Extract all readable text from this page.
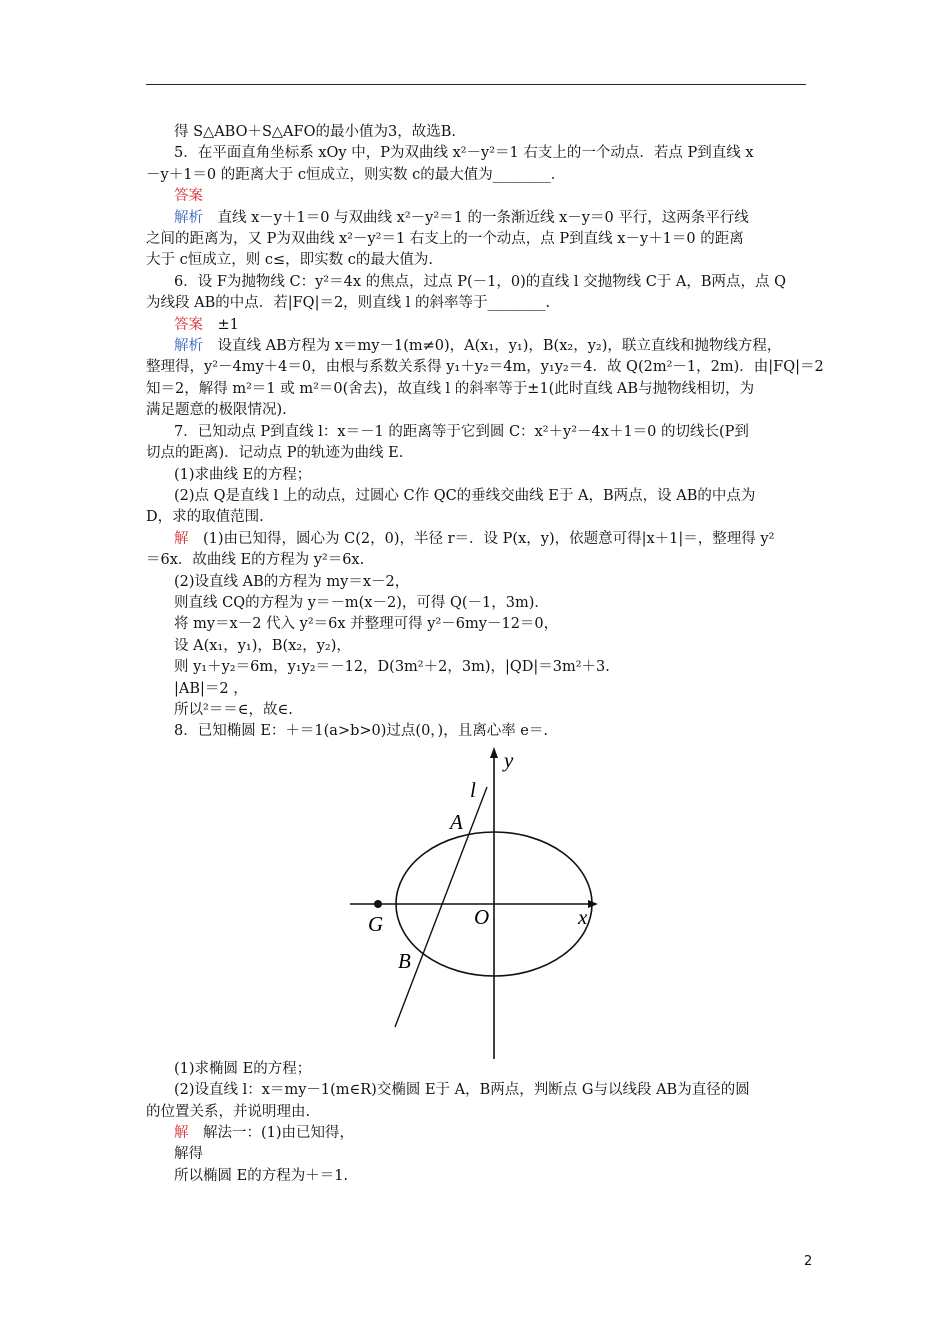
得 S△ABO＋S△AFO的最小值为3，故选B.
5．在平面直角坐标系 xOy 中，P为双曲线 x²－y²＝1 右支上的一个动点．若点 P到直线 x
－y＋1＝0 的距离大于 c恒成立，则实数 c的最大值为________．
答案
解析　直线 x－y＋1＝0 与双曲线 x²－y²＝1 的一条渐近线 x－y＝0 平行，这两条平行线
之间的距离为，又 P为双曲线 x²－y²＝1 右支上的一个动点，点 P到直线 x－y＋1＝0 的距离
大于 c恒成立，则 c≤，即实数 c的最大值为.
6．设 F为抛物线 C：y²＝4x 的焦点，过点 P(－1，0)的直线 l 交抛物线 C于 A，B两点，点 Q
为线段 AB的中点．若|FQ|＝2，则直线 l 的斜率等于________.
答案　±1
解析　设直线 AB方程为 x＝my－1(m≠0)，A(x₁，y₁)，B(x₂，y₂)，联立直线和抛物线方程，
整理得，y²－4my＋4＝0，由根与系数关系得 y₁＋y₂＝4m，y₁y₂＝4．故 Q(2m²－1，2m)．由|FQ|＝2
知＝2，解得 m²＝1 或 m²＝0(舍去)，故直线 l 的斜率等于±1(此时直线 AB与抛物线相切，为
满足题意的极限情况).
7．已知动点 P到直线 l：x＝－1 的距离等于它到圆 C：x²＋y²－4x＋1＝0 的切线长(P到
切点的距离)．记动点 P的轨迹为曲线 E.
(1)求曲线 E的方程；
(2)点 Q是直线 l 上的动点，过圆心 C作 QC的垂线交曲线 E于 A，B两点，设 AB的中点为
D，求的取值范围.
解　(1)由已知得，圆心为 C(2，0)，半径 r＝．设 P(x，y)，依题意可得|x＋1|＝，整理得 y²
＝6x．故曲线 E的方程为 y²＝6x.
(2)设直线 AB的方程为 my＝x－2，
则直线 CQ的方程为 y＝－m(x－2)，可得 Q(－1，3m)．
将 my＝x－2 代入 y²＝6x 并整理可得 y²－6my－12＝0，
设 A(x₁，y₁)，B(x₂，y₂)，
则 y₁＋y₂＝6m，y₁y₂＝－12，D(3m²＋2，3m)，|QD|＝3m²＋3.
|AB|＝2 ，
所以²＝＝∈，故∈.
8．已知椭圆 E：＋＝1(a>b>0)过点(0，)，且离心率 e＝.
y
x
O
l
A
B
G
(1)求椭圆 E的方程；
(2)设直线 l：x＝my－1(m∈R)交椭圆 E于 A，B两点，判断点 G与以线段 AB为直径的圆
的位置关系，并说明理由.
解　解法一：(1)由已知得，
解得
所以椭圆 E的方程为＋＝1.
2
